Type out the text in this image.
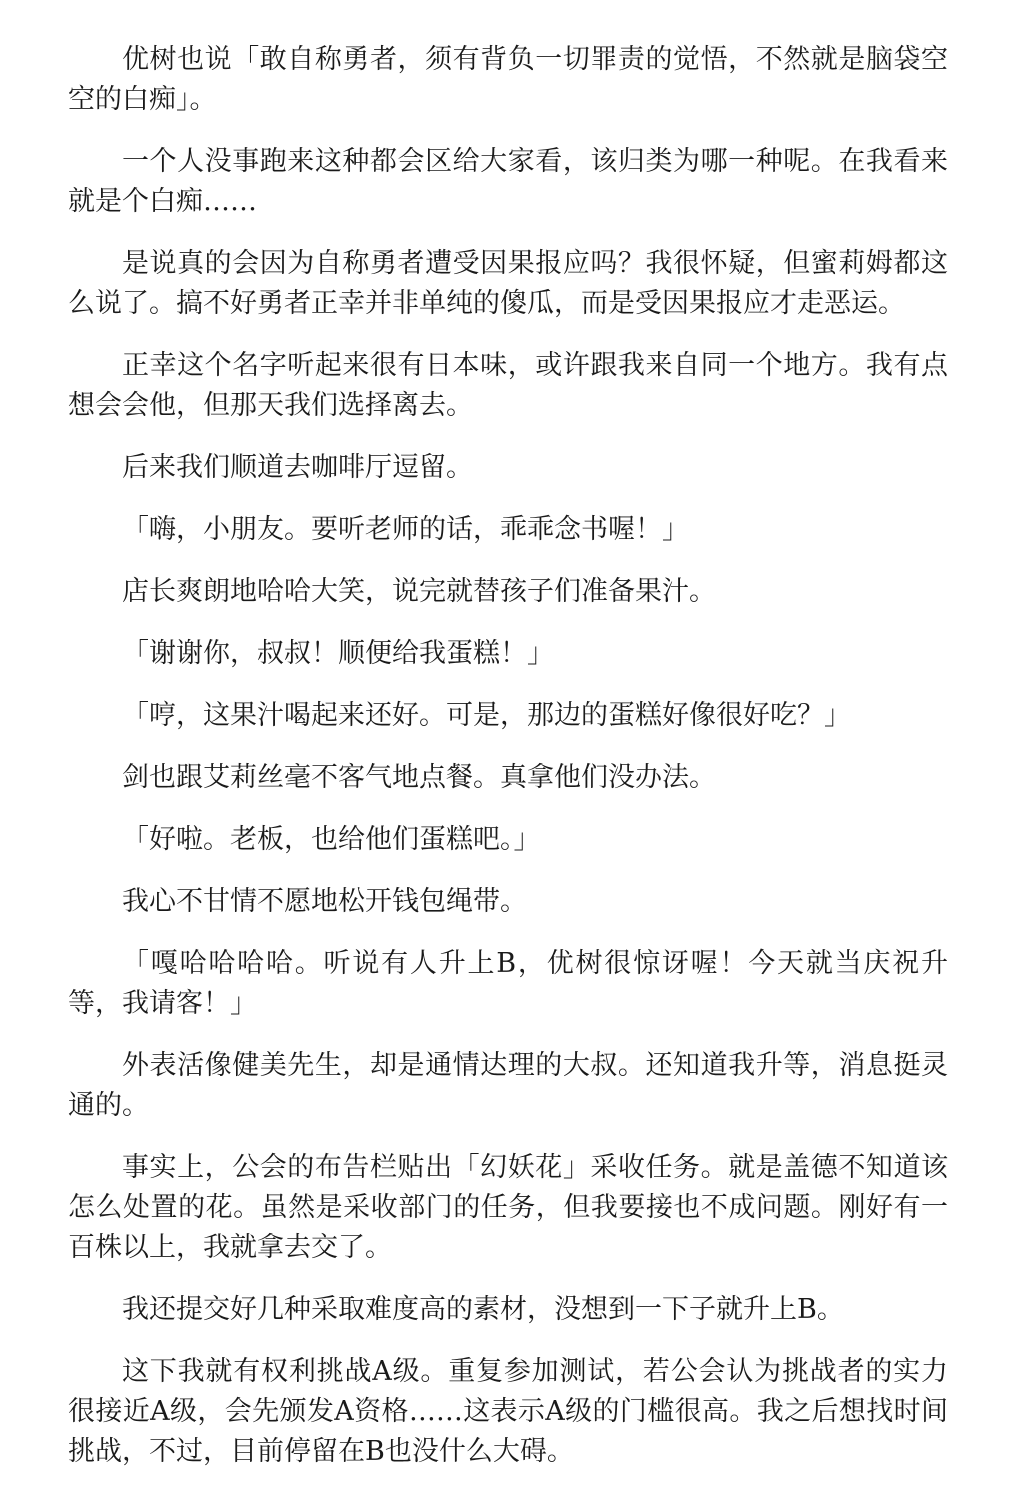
优树也说「敢自称勇者，须有背负一切罪责的觉悟，不然就是脑袋空空的白痴」。

一个人没事跑来这种都会区给大家看，该归类为哪一种呢。在我看来就是个白痴……

是说真的会因为自称勇者遭受因果报应吗？我很怀疑，但蜜莉姆都这么说了。搞不好勇者正幸并非单纯的傻瓜，而是受因果报应才走恶运。

正幸这个名字听起来很有日本味，或许跟我来自同一个地方。我有点想会会他，但那天我们选择离去。

后来我们顺道去咖啡厅逗留。

「嗨，小朋友。要听老师的话，乖乖念书喔！」

店长爽朗地哈哈大笑，说完就替孩子们准备果汁。

「谢谢你，叔叔！顺便给我蛋糕！」

「哼，这果汁喝起来还好。可是，那边的蛋糕好像很好吃？」

剑也跟艾莉丝毫不客气地点餐。真拿他们没办法。

「好啦。老板，也给他们蛋糕吧。」

我心不甘情不愿地松开钱包绳带。

「嘎哈哈哈哈。听说有人升上B，优树很惊讶喔！今天就当庆祝升等，我请客！」

外表活像健美先生，却是通情达理的大叔。还知道我升等，消息挺灵通的。

事实上，公会的布告栏贴出「幻妖花」采收任务。就是盖德不知道该怎么处置的花。虽然是采收部门的任务，但我要接也不成问题。刚好有一百株以上，我就拿去交了。

我还提交好几种采取难度高的素材，没想到一下子就升上B。

这下我就有权利挑战A级。重复参加测试，若公会认为挑战者的实力很接近A级，会先颁发A资格……这表示A级的门槛很高。我之后想找时间挑战，不过，目前停留在B也没什么大碍。
